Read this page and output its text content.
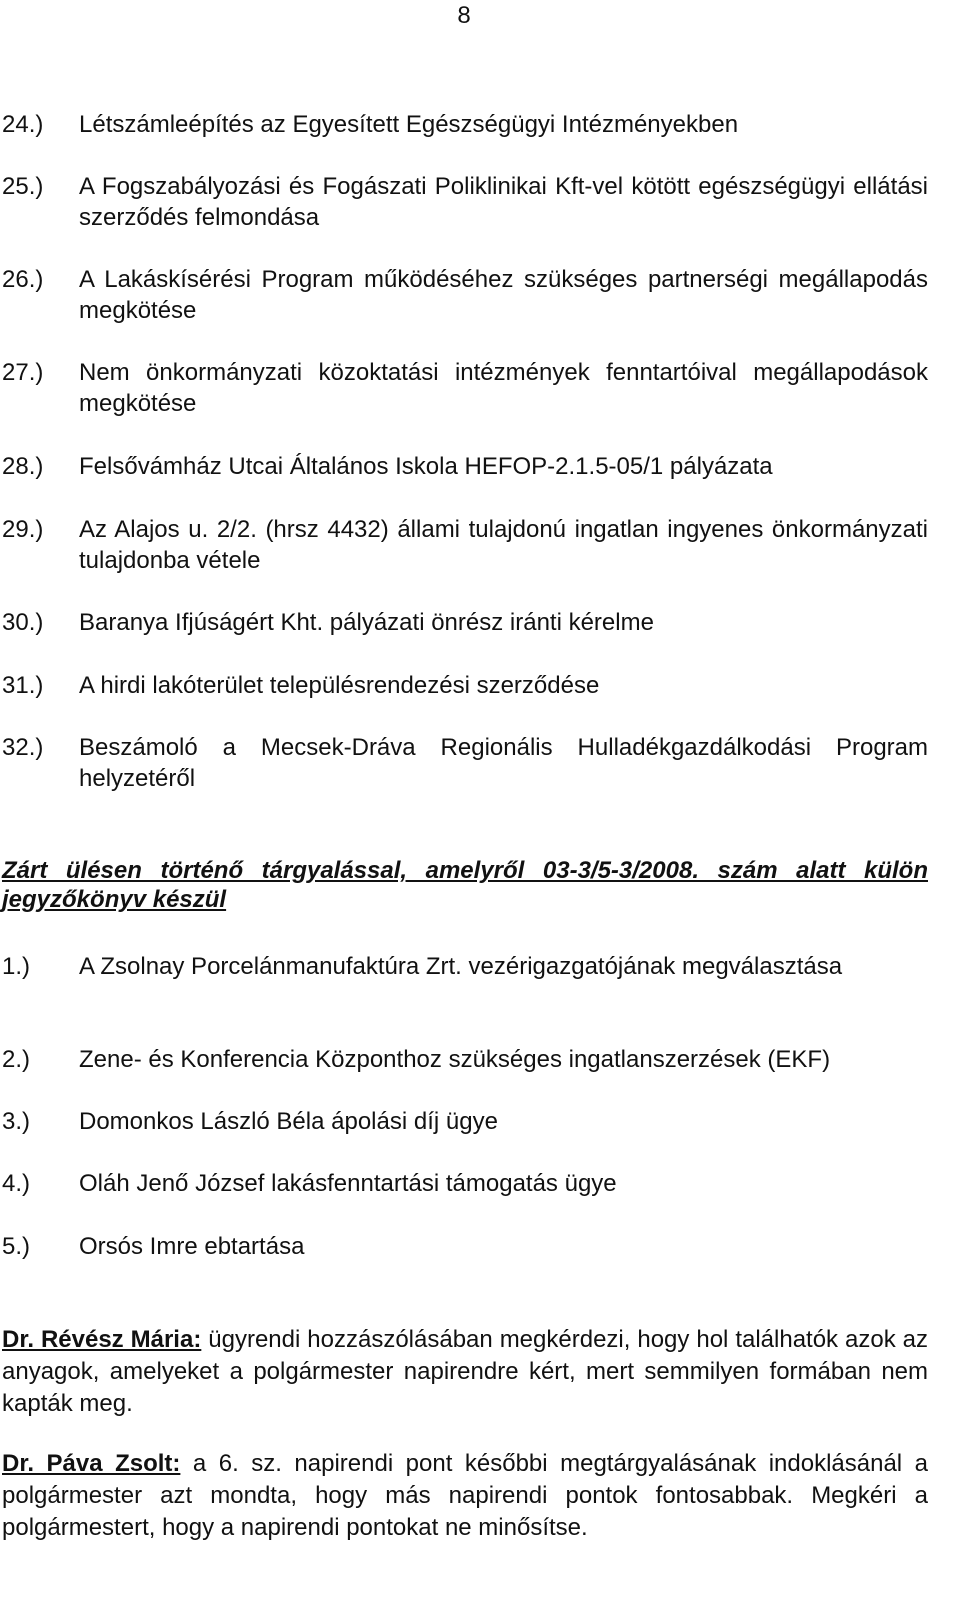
8
24.) Létszámleépítés az Egyesített Egészségügyi Intézményekben
25.) A Fogszabályozási és Fogászati Poliklinikai Kft-vel kötött egészségügyi ellátási szerződés felmondása
26.) A Lakáskísérési Program működéséhez szükséges partnerségi megállapodás megkötése
27.) Nem önkormányzati közoktatási intézmények fenntartóival megállapodások megkötése
28.) Felsővámház Utcai Általános Iskola HEFOP-2.1.5-05/1 pályázata
29.) Az Alajos u. 2/2. (hrsz 4432) állami tulajdonú ingatlan ingyenes önkormányzati tulajdonba vétele
30.) Baranya Ifjúságért Kht. pályázati önrész iránti kérelme
31.) A hirdi lakóterület településrendezési szerződése
32.) Beszámoló a Mecsek-Dráva Regionális Hulladékgazdálkodási Program helyzetéről
Zárt ülésen történő tárgyalással, amelyről 03-3/5-3/2008. szám alatt külön jegyzőkönyv készül
1.) A Zsolnay Porcelánmanufaktúra Zrt. vezérigazgatójának megválasztása
2.) Zene- és Konferencia Központhoz szükséges ingatlanszerzések (EKF)
3.) Domonkos László Béla ápolási díj ügye
4.) Oláh Jenő József lakásfenntartási támogatás ügye
5.) Orsós Imre ebtartása
Dr. Révész Mária: ügyrendi hozzászólásában megkérdezi, hogy hol találhatók azok az anyagok, amelyeket a polgármester napirendre kért, mert semmilyen formában nem kapták meg.
Dr. Páva Zsolt: a 6. sz. napirendi pont későbbi megtárgyalásának indoklásánál a polgármester azt mondta, hogy más napirendi pontok fontosabbak. Megkéri a polgármestert, hogy a napirendi pontokat ne minősítse.
